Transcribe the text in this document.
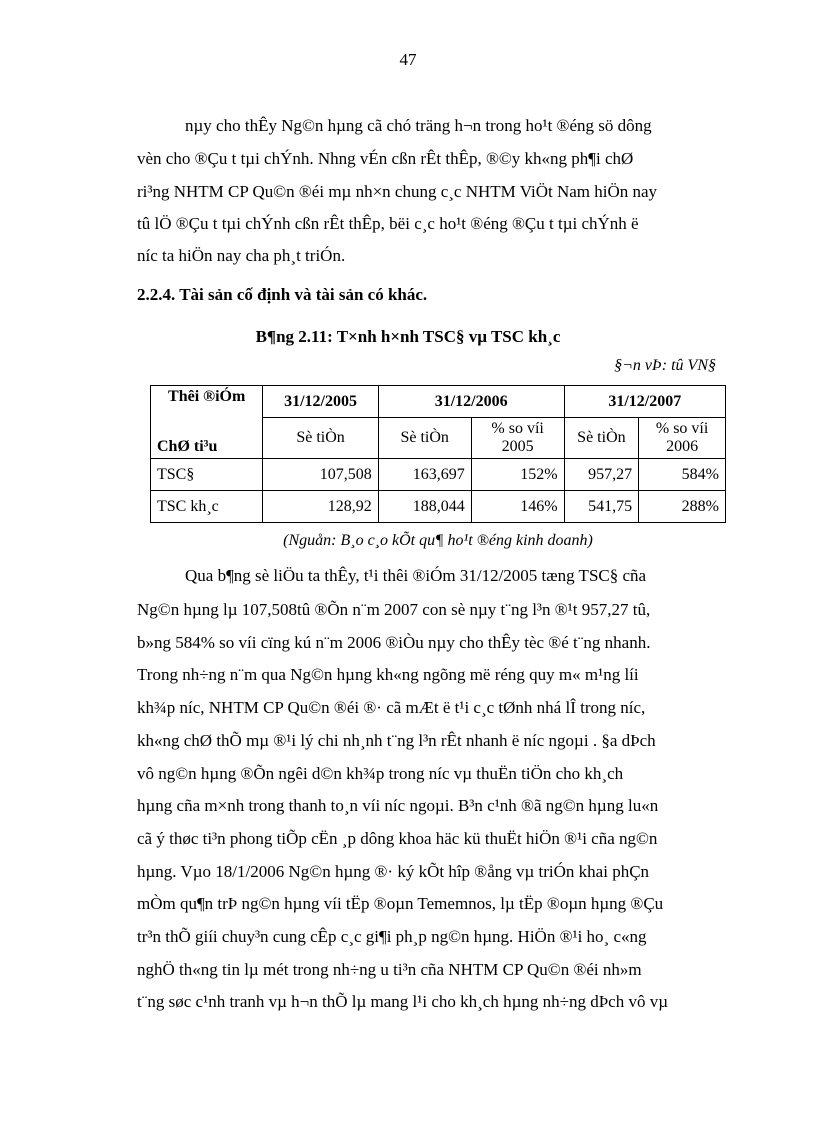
47
nµy cho thÊy Ng©n hµng cã chó träng h¬n trong ho¹t ®éng sö dông
vèn cho ®Çu t tµi chÝnh. Nhng vÉn cßn rÊt thÊp, ®©y kh«ng ph¶i chØ
ri³ng NHTM CP Qu©n ®éi mµ nh×n chung c¸c NHTM ViÖt Nam hiÖn nay
tû lÖ ®Çu t tµi chÝnh cßn rÊt thÊp, bëi c¸c ho¹t ®éng ®Çu t tµi chÝnh ë
níc ta hiÖn nay cha ph¸t triÓn.
2.2.4. Tài sản cố định và tài sản có khác.
B¶ng 2.11: T×nh h×nh TSC§ vµ TSC kh¸c
§¬n vÞ: tû VN§
Thêi ®iÓm	31/12/2005	31/12/2006		31/12/2007	
ChØ ti³u	Sè tiÒn	Sè tiÒn	% so víi 2005	Sè tiÒn	% so víi 2006
TSC§	107,508	163,697	152%	957,27	584%
TSC kh¸c	128,92	188,044	146%	541,75	288%
(Nguån: B¸o c¸o kÕt qu¶ ho¹t ®éng kinh doanh)
Qua b¶ng sè liÖu ta thÊy, t¹i thêi ®iÓm 31/12/2005 tæng TSC§ cña
Ng©n hµng lµ 107,508tû ®Õn n¨m 2007 con sè nµy t¨ng l³n ®¹t 957,27 tû,
b»ng 584% so víi cïng kú n¨m 2006 ®iÒu nµy cho thÊy tèc ®é t¨ng nhanh.
Trong nh÷ng n¨m qua Ng©n hµng kh«ng ngõng më réng quy m« m¹ng líi
kh¾p níc, NHTM CP Qu©n ®éi ®· cã mÆt ë t¹i c¸c tØnh nhá lÎ trong níc,
kh«ng chØ thÕ mµ ®¹i lý chi nh¸nh t¨ng l³n rÊt nhanh ë níc ngoµi . §a dÞch
vô ng©n hµng ®Õn ngêi d©n kh¾p trong níc vµ thuËn tiÖn cho kh¸ch
hµng cña m×nh trong thanh to¸n víi níc ngoµi. B³n c¹nh ®ã ng©n hµng lu«n
cã ý thøc ti³n phong tiÕp cËn ¸p dông khoa häc kü thuËt hiÖn ®¹i cña ng©n
hµng. Vµo 18/1/2006 Ng©n hµng ®· ký kÕt hîp ®ång vµ triÓn khai phÇn
mÒm qu¶n trÞ ng©n hµng víi tËp ®oµn Tememnos, lµ tËp ®oµn hµng ®Çu
tr³n thÕ giíi chuy³n cung cÊp c¸c gi¶i ph¸p ng©n hµng. HiÖn ®¹i ho¸ c«ng
nghÖ th«ng tin lµ mét trong nh÷ng u ti³n cña NHTM CP Qu©n ®éi nh»m
t¨ng søc c¹nh tranh vµ h¬n thÕ lµ mang l¹i cho kh¸ch hµng nh÷ng dÞch vô vµ
